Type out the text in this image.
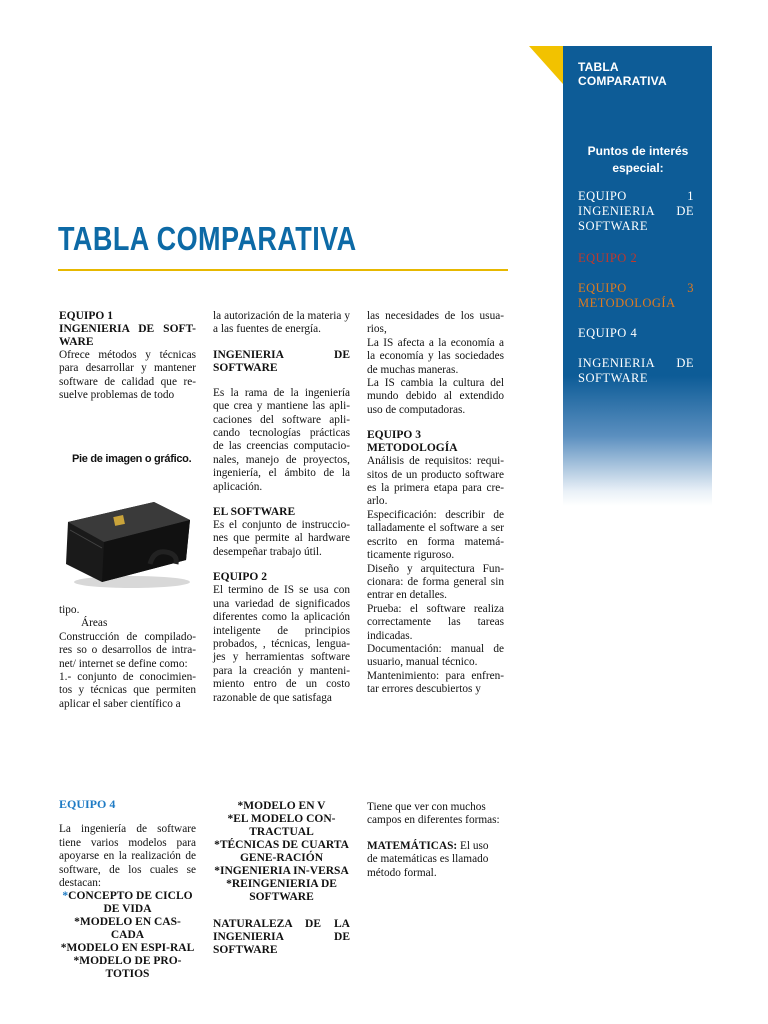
TABLA COMPARATIVA
Puntos de interés
especial:
EQUIPO 1 INGENIERIA DE SOFTWARE
EQUIPO 2
EQUIPO 3 METODOLOGÍA
EQUIPO 4
INGENIERIA DE SOFTWARE
TABLA COMPARATIVA
EQUIPO 1
INGENIERIA DE SOFT-WARE

Ofrece métodos y técnicas para desarrollar y mantener software de calidad que re-suelve problemas de todo

Pie de imagen o gráfico.

tipo.

Áreas

Construcción de compilado-res so o desarrollos de intra-net/ internet se define como:

1.- conjunto de conocimien-tos y técnicas que permiten aplicar el saber científico a

la autorización de la materia y a las fuentes de energía.

INGENIERIA DE SOFTWARE

Es la rama de la ingeniería que crea y mantiene las apli-caciones del software apli-cando tecnologías prácticas de las creencias computacio-nales, manejo de proyectos, ingeniería, el ámbito de la aplicación.

EL SOFTWARE

Es el conjunto de instruccio-nes que permite al hardware desempeñar trabajo útil.

EQUIPO 2

El termino de IS se usa con una variedad de significados diferentes como la aplicación inteligente de principios probados, , técnicas, lengua-jes y herramientas software para la creación y manteni-miento entro de un costo razonable de que satisfaga

las necesidades de los usua-rios,

La IS afecta a la economía a la economía y las sociedades de muchas maneras.

La IS cambia la cultura del mundo debido al extendido uso de computadoras.

EQUIPO 3
METODOLOGÍA

Análisis de requisitos: requi-sitos de un producto software es la primera etapa para cre-arlo.

Especificación: describir de talladamente el software a ser escrito en forma matemá-ticamente riguroso.

Diseño y arquitectura Fun-cionara: de forma general sin entrar en detalles.

Prueba: el software realiza correctamente las tareas indicadas.

Documentación: manual de usuario, manual técnico.

Mantenimiento: para enfren-tar errores descubiertos y

EQUIPO 4

La ingeniería de software tiene varios modelos para apoyarse en la realización de software, de los cuales se destacan:

*CONCEPTO DE CICLO DE VIDA
*MODELO EN CAS-CADA
*MODELO EN ESPI-RAL
*MODELO DE PRO-TOTIOS
*MODELO EN V
*EL MODELO CON-TRACTUAL
*TÉCNICAS DE CUARTA GENE-RACIÓN
*INGENIERIA IN-VERSA
*REINGENIERIA DE SOFTWARE
NATURALEZA DE LA INGENIERIA DE SOFTWARE

Tiene que ver con muchos campos en diferentes formas:

MATEMÁTICAS: El uso de matemáticas es llamado método formal.
